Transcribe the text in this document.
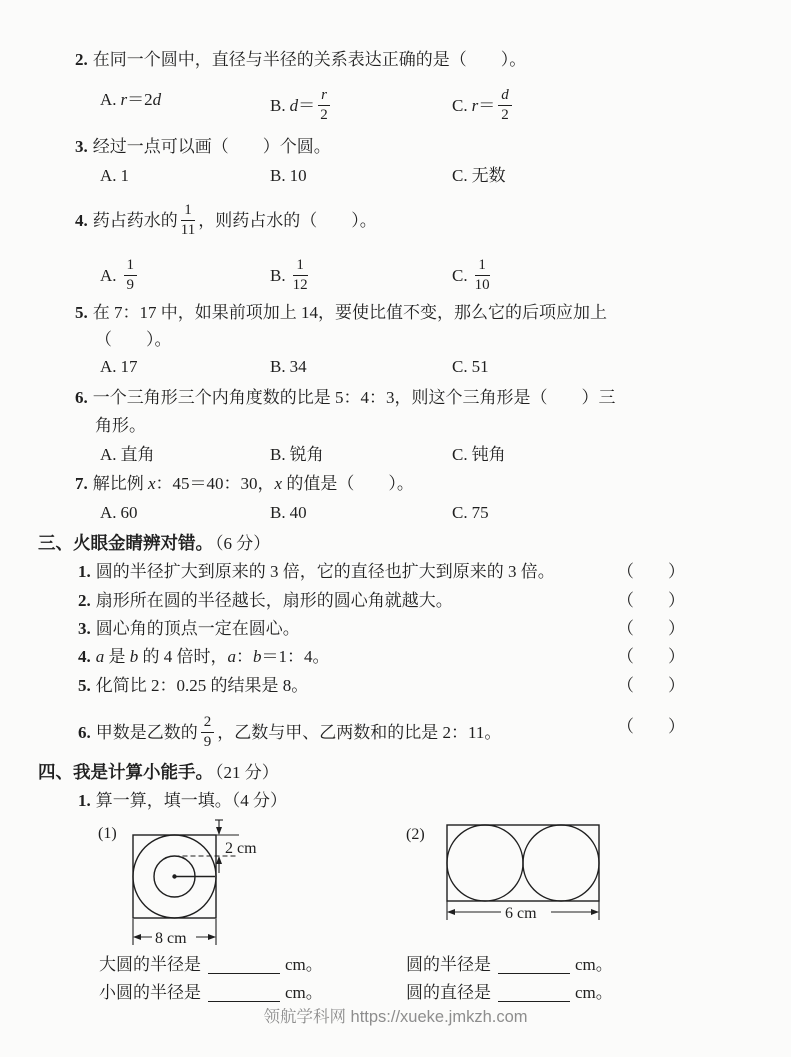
2. 在同一个圆中，直径与半径的关系表达正确的是（　　）。
A. r＝2d	B. $d= \frac{r}{2}$	C. $r= \frac{d}{2}$
3. 经过一点可以画（　　）个圆。
A. 1	B. 10	C. 无数
4. 药占药水的 $\frac{1}{11}$ ，则药占水的（　　）。
A. $\frac{1}{9}$	B. $\frac{1}{12}$	C. $\frac{1}{10}$
5. 在 7：17 中，如果前项加上 14，要使比值不变，那么它的后项应加上
（　　）。
A. 17	B. 34	C. 51
6. 一个三角形三个内角度数的比是 5：4：3，则这个三角形是（　　）三
角形。
A. 直角	B. 锐角	C. 钝角
7. 解比例 x：45＝40：30，x 的值是（　　）。
A. 60	B. 40	C. 75
三、火眼金睛辨对错。 （6 分）
1. 圆的半径扩大到原来的 3 倍，它的直径也扩大到原来的 3 倍。	（　　）
2. 扇形所在圆的半径越长，扇形的圆心角就越大。	（　　）
3. 圆心角的顶点一定在圆心。	（　　）
4. a 是 b 的 4 倍时，a：b＝1：4。	（　　）
5. 化简比 2：0.25 的结果是 8。	（　　）
6. 甲数是乙数的 $\frac{2}{9}$ ，乙数与甲、乙两数和的比是 2：11。	（　　）
四、我是计算小能手。 （21 分）
1. 算一算，填一填。（4 分）
(1)
2 cm
8 cm
(2)
6 cm
大圆的半径是	cm。	圆的半径是	cm。
小圆的半径是	cm。	圆的直径是	cm。
领航学科网 https://xueke.jmkzh.com
